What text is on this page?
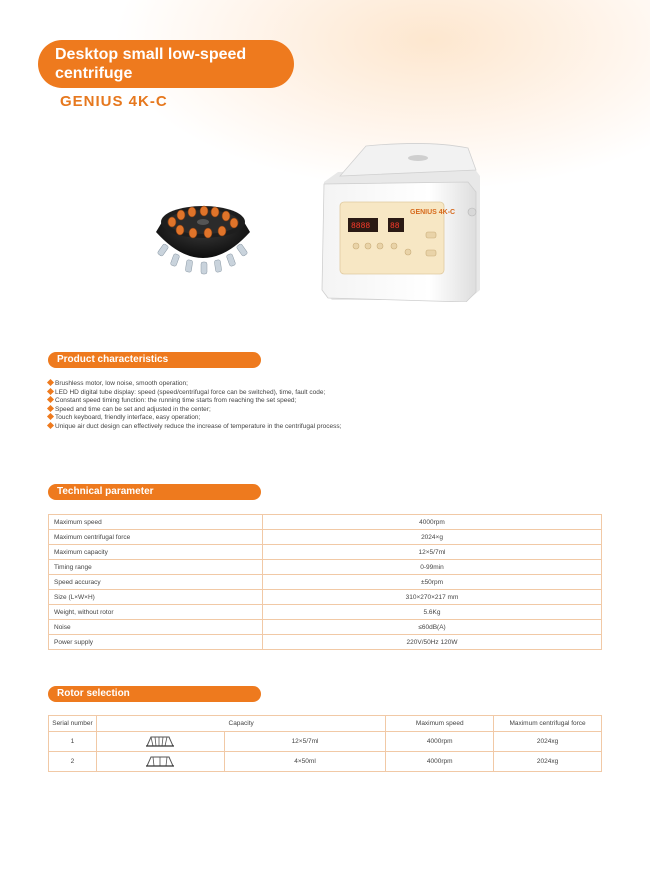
Desktop small low-speed
centrifuge
GENIUS 4K-C
GENIUS 4K-C
8888 88
Product characteristics
Brushless motor, low noise, smooth operation;
LED HD digital tube display: speed (speed/centrifugal force can be switched), time, fault code;
Constant speed timing function: the running time starts from reaching the set speed;
Speed and time can be set and adjusted in the center;
Touch keyboard, friendly interface, easy operation;
Unique air duct design can effectively reduce the increase of temperature in the centrifugal process;
Technical parameter
Maximum speed	4000rpm
Maximum centrifugal force	2024×g
Maximum capacity	12×5/7ml
Timing range	0-99min
Speed accuracy	±50rpm
Size (L×W×H)	310×270×217 mm
Weight, without rotor	5.6Kg
Noise	≤60dB(A)
Power supply	220V/50Hz 120W
Rotor selection
Serial number	Capacity		Maximum speed	Maximum centrifugal force
1		12×5/7ml	4000rpm	2024xg
2		4×50ml	4000rpm	2024xg
